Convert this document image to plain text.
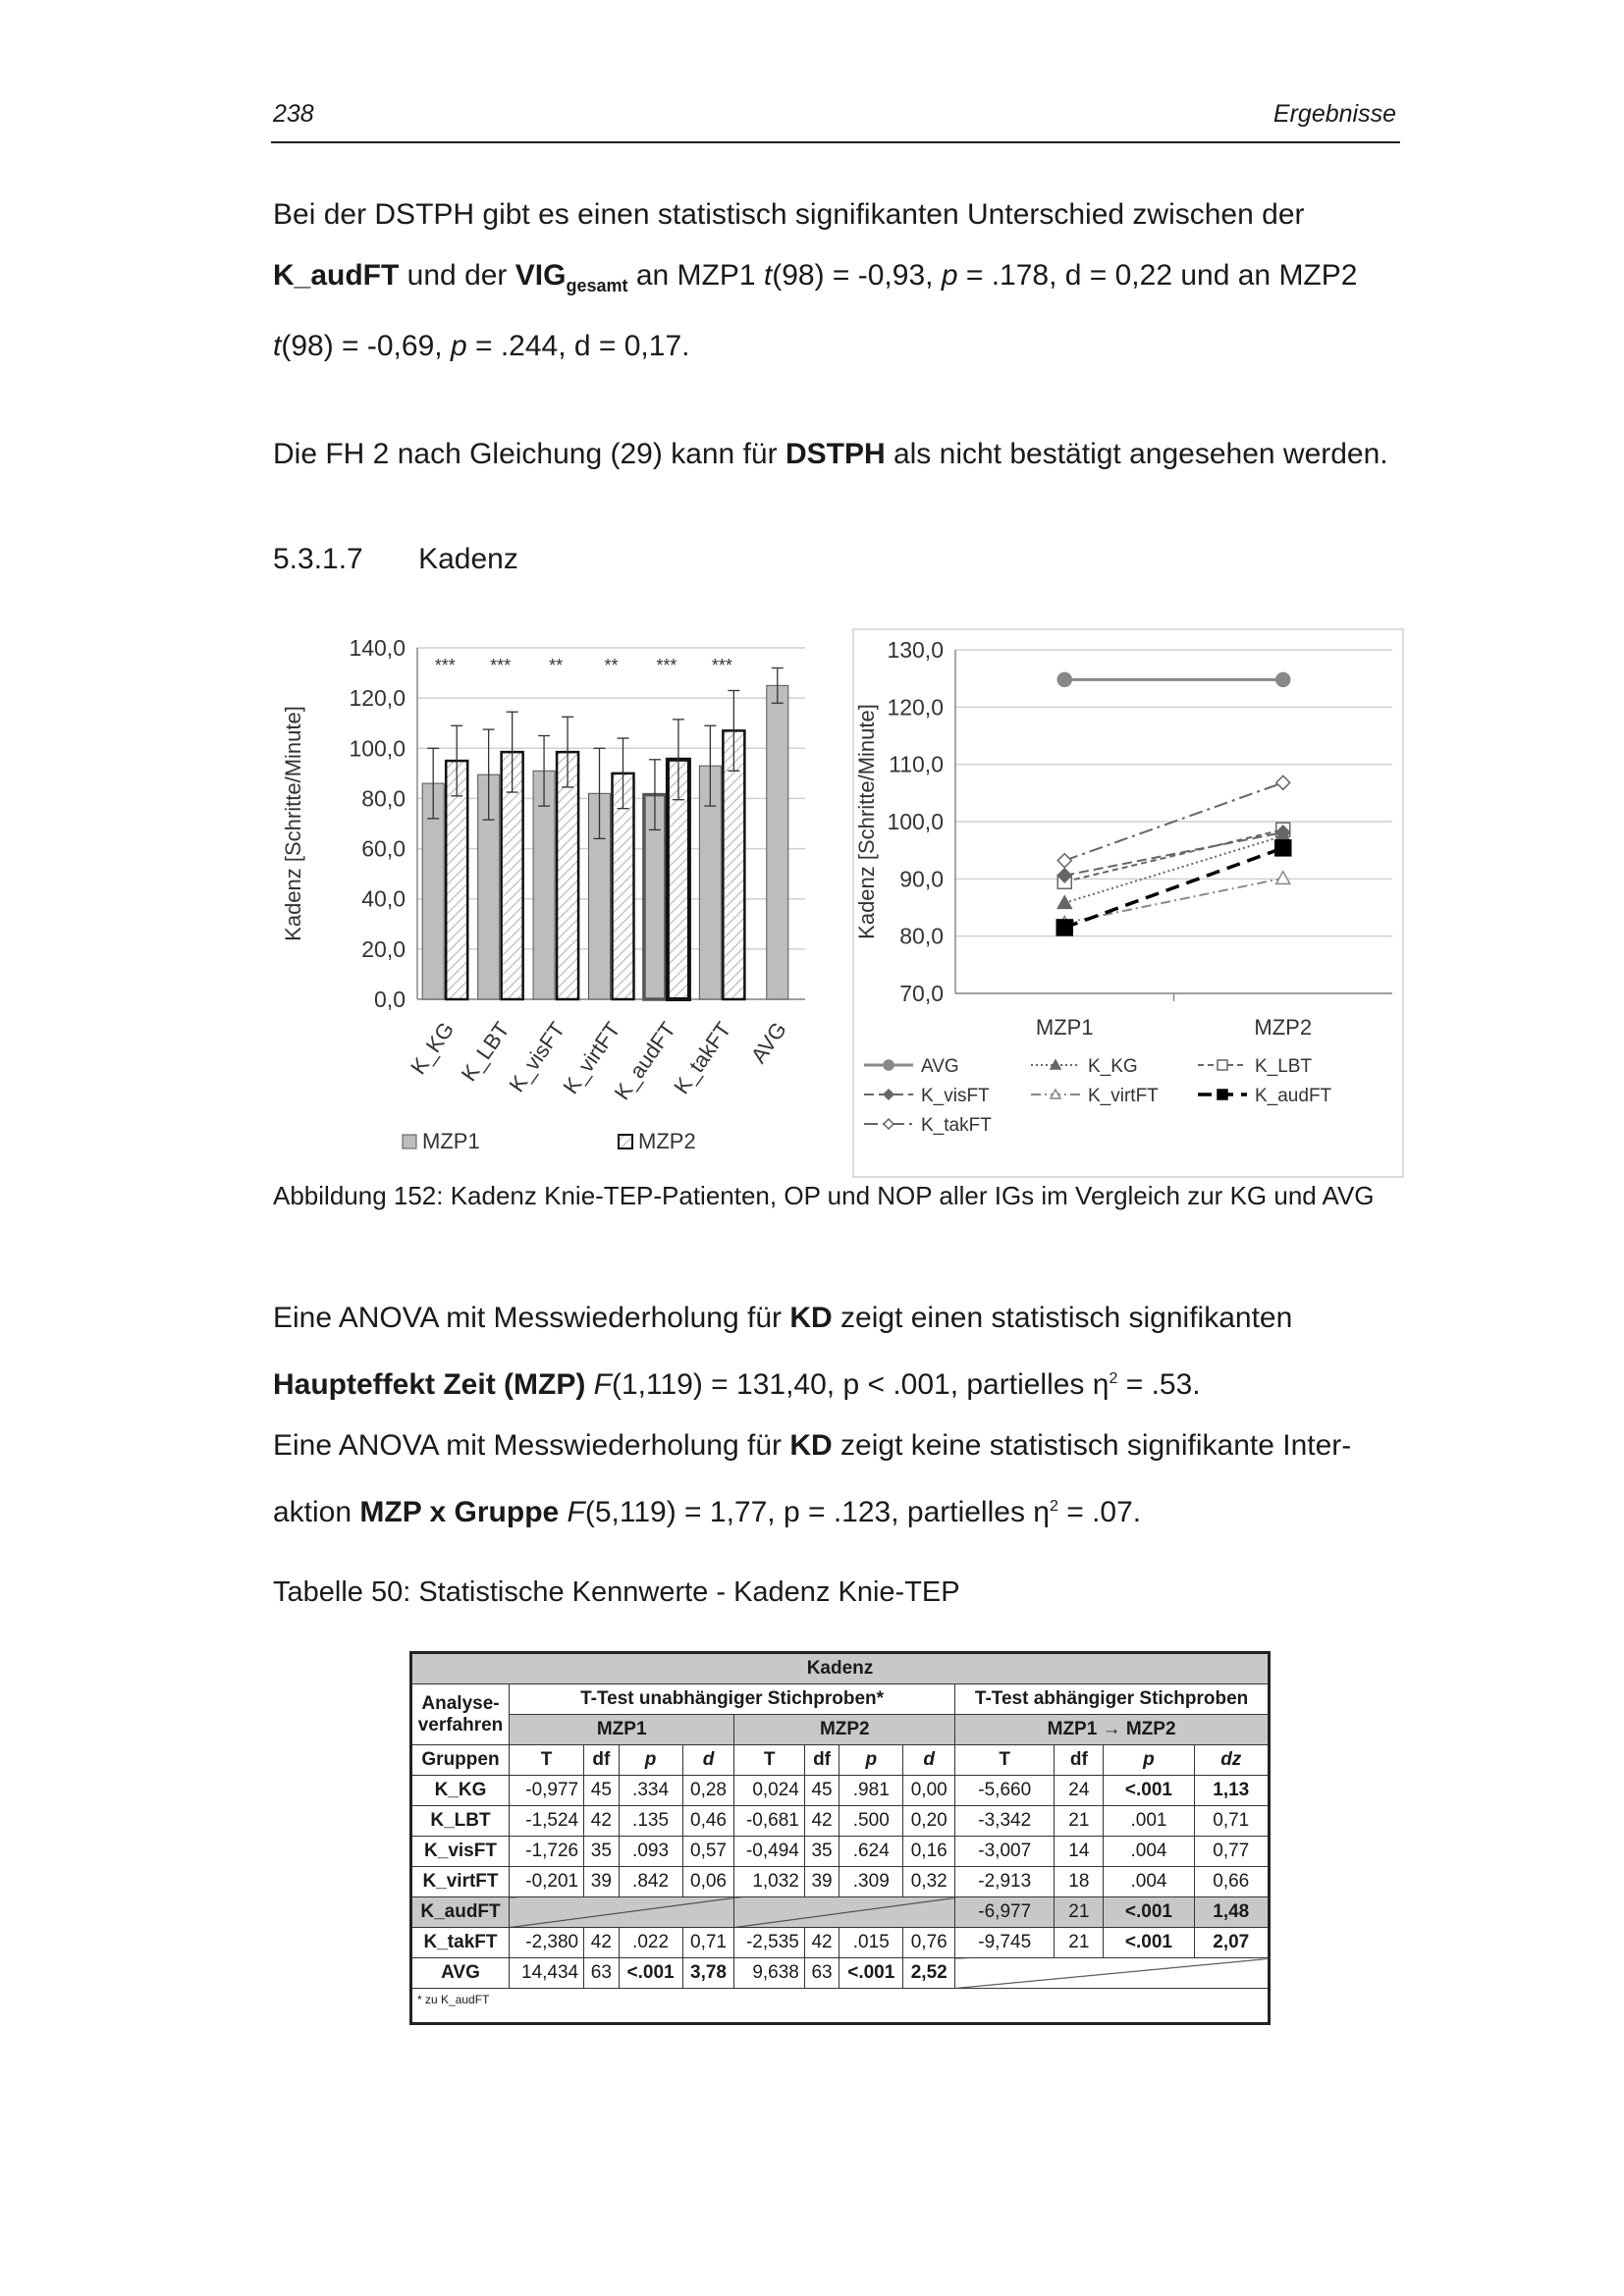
238	Ergebnisse
Bei der DSTPH gibt es einen statistisch signifikanten Unterschied zwischen der
K_audFT und der $VIG_{gesamt}$ an MZP1 t(98) = -0,93, p = .178, d = 0,22 und an MZP2
t(98) = -0,69, p = .244, d = 0,17.
Die FH 2 nach Gleichung (29) kann für DSTPH als nicht bestätigt angesehen werden.
5.3.1.7 Kadenz
0,0
20,0
40,0
60,0
80,0
100,0
120,0
140,0
Kadenz [Schritte/Minute]
***
K_KG
***
K_LBT
**
K_visFT
**
K_virtFT
***
K_audFT
***
K_takFT AVG
MZP1	MZP2
70,0
80,0
90,0
100,0
110,0
120,0
130,0
Kadenz [Schritte/Minute]
MZP1	MZP2
AVG	K_KG	K_LBT
K_visFT	K_virtFT	K_audFT
K_takFT
Abbildung 152: Kadenz Knie-TEP-Patienten, OP und NOP aller IGs im Vergleich zur KG und AVG
Eine ANOVA mit Messwiederholung für KD zeigt einen statistisch signifikanten
Haupteffekt Zeit (MZP) F(1,119) = 131,40, p < .001, partielles $\eta^2 = .53$.
Eine ANOVA mit Messwiederholung für KD zeigt keine statistisch signifikante Inter-
aktion MZP x Gruppe F(5,119) = 1,77, p = .123, partielles $\eta^2 = .07$.
Tabelle 50: Statistische Kennwerte - Kadenz Knie-TEP
Kadenz												
Analyse-verfahren	T-Test unabhängiger Stichproben*								T-Test abhängiger Stichproben			
	MZP1				MZP2				MZP1 → MZP2			
Gruppen	T	df	p	d	T	df	p	d	T	df	p	dz
K_KG	-0,977	45	.334	0,28	0,024	45	.981	0,00	-5,660	24	<.001	1,13
K_LBT	-1,524	42	.135	0,46	-0,681	42	.500	0,20	-3,342	21	.001	0,71
K_visFT	-1,726	35	.093	0,57	-0,494	35	.624	0,16	-3,007	14	.004	0,77
K_virtFT	-0,201	39	.842	0,06	1,032	39	.309	0,32	-2,913	18	.004	0,66
K_audFT									-6,977	21	<.001	1,48
K_takFT	-2,380	42	.022	0,71	-2,535	42	.015	0,76	-9,745	21	<.001	2,07
AVG	14,434	63	<.001	3,78	9,638	63	<.001	2,52				
* zu K_audFT												
